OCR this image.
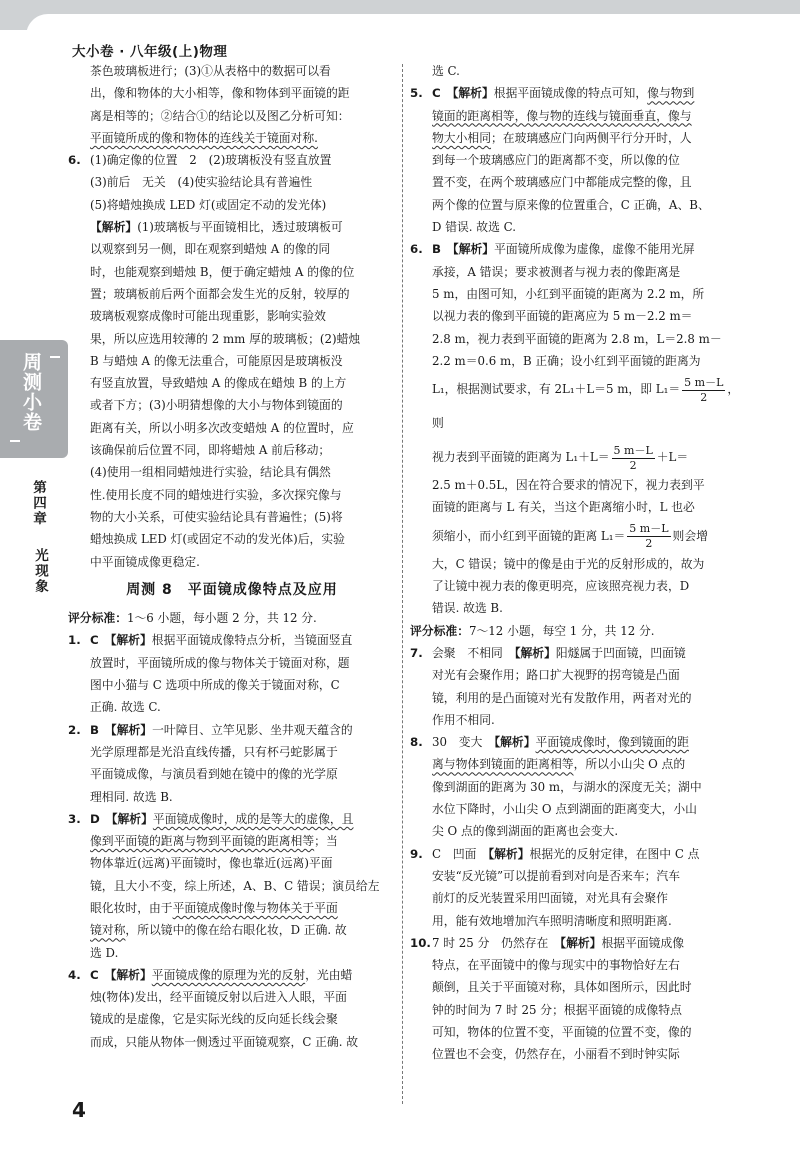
大小卷 · 八年级(上)物理
周测小卷
第四章
光现象
茶色玻璃板进行；(3)①从表格中的数据可以看
出，像和物体的大小相等，像和物体到平面镜的距
离是相等的；②结合①的结论以及图乙分析可知：
平面镜所成的像和物体的连线关于镜面对称.
6. (1)确定像的位置　2　(2)玻璃板没有竖直放置
(3)前后　无关　(4)使实验结论具有普遍性
(5)将蜡烛换成 LED 灯(或固定不动的发光体)
【解析】(1)玻璃板与平面镜相比，透过玻璃板可
以观察到另一侧，即在观察到蜡烛 A 的像的同
时，也能观察到蜡烛 B，便于确定蜡烛 A 的像的位
置；玻璃板前后两个面都会发生光的反射，较厚的
玻璃板观察成像时可能出现重影，影响实验效
果，所以应选用较薄的 2 mm 厚的玻璃板；(2)蜡烛
B 与蜡烛 A 的像无法重合，可能原因是玻璃板没
有竖直放置，导致蜡烛 A 的像成在蜡烛 B 的上方
或者下方；(3)小明猜想像的大小与物体到镜面的
距离有关，所以小明多次改变蜡烛 A 的位置时，应
该确保前后位置不同，即将蜡烛 A 前后移动；
(4)使用一组相同蜡烛进行实验，结论具有偶然
性.使用长度不同的蜡烛进行实验，多次探究像与
物的大小关系，可使实验结论具有普遍性；(5)将
蜡烛换成 LED 灯(或固定不动的发光体)后，实验
中平面镜成像更稳定.
周测 8　平面镜成像特点及应用
评分标准：1～6 小题，每小题 2 分，共 12 分.
1. C　 【解析】根据平面镜成像特点分析，当镜面竖直
放置时，平面镜所成的像与物体关于镜面对称，题
图中小猫与 C 选项中所成的像关于镜面对称，C
正确. 故选 C.
2. B　 【解析】一叶障目、立竿见影、坐井观天蕴含的
光学原理都是光沿直线传播，只有杯弓蛇影属于
平面镜成像，与演员看到她在镜中的像的光学原
理相同. 故选 B.
3. D　 【解析】平面镜成像时，成的是等大的虚像，且
像到平面镜的距离与物到平面镜的距离相等；当
物体靠近(远离)平面镜时，像也靠近(远离)平面
镜，且大小不变，综上所述，A、B、C 错误；演员给左
眼化妆时，由于平面镜成像时像与物体关于平面
镜对称，所以镜中的像在给右眼化妆，D 正确. 故
选 D.
4. C　 【解析】平面镜成像的原理为光的反射，光由蜡
烛(物体)发出，经平面镜反射以后进入人眼，平面
镜成的是虚像，它是实际光线的反向延长线会聚
而成，只能从物体一侧透过平面镜观察，C 正确. 故
选 C.
5. C　 【解析】根据平面镜成像的特点可知，像与物到
镜面的距离相等，像与物的连线与镜面垂直，像与
物大小相同；在玻璃感应门向两侧平行分开时，人
到每一个玻璃感应门的距离都不变，所以像的位
置不变，在两个玻璃感应门中都能成完整的像，且
两个像的位置与原来像的位置重合，C 正确，A、B、
D 错误. 故选 C.
6. B　 【解析】平面镜所成像为虚像，虚像不能用光屏
承接，A 错误；要求被测者与视力表的像距离是
5 m，由图可知，小红到平面镜的距离为 2.2 m，所
以视力表的像到平面镜的距离应为 5 m－2.2 m＝
2.8 m，视力表到平面镜的距离为 2.8 m，L＝2.8 m－
2.2 m＝0.6 m，B 正确；设小红到平面镜的距离为
L₁，根据测试要求，有 2L₁＋L＝5 m，即 $L_1= \frac{5 m-L}{2}$ ，则
视力表到平面镜的距离为 $L_1+L= \frac{5 m-L}{2} +L=$
2.5 m＋0.5L，因在符合要求的情况下，视力表到平
面镜的距离与 L 有关，当这个距离缩小时，L 也必
须缩小，而小红到平面镜的距离 $L_1= \frac{5 m-L}{2}$ 则会增
大，C 错误；镜中的像是由于光的反射形成的，故为
了让镜中视力表的像更明亮，应该照亮视力表，D
错误. 故选 B.
评分标准：7～12 小题，每空 1 分，共 12 分.
7. 会聚　不相同　 【解析】阳燧属于凹面镜，凹面镜
对光有会聚作用；路口扩大视野的拐弯镜是凸面
镜，利用的是凸面镜对光有发散作用，两者对光的
作用不相同.
8. 30　变大　 【解析】平面镜成像时，像到镜面的距
离与物体到镜面的距离相等，所以小山尖 O 点的
像到湖面的距离为 30 m，与湖水的深度无关；湖中
水位下降时，小山尖 O 点到湖面的距离变大，小山
尖 O 点的像到湖面的距离也会变大.
9. C　凹面　 【解析】根据光的反射定律，在图中 C 点
安装“反光镜”可以提前看到对向是否来车；汽车
前灯的反光装置采用凹面镜，对光具有会聚作
用，能有效地增加汽车照明清晰度和照明距离.
10.7 时 25 分　仍然存在　 【解析】根据平面镜成像
特点，在平面镜中的像与现实中的事物恰好左右
颠倒，且关于平面镜对称，具体如图所示，因此时
钟的时间为 7 时 25 分；根据平面镜的成像特点
可知，物体的位置不变，平面镜的位置不变，像的
位置也不会变，仍然存在，小丽看不到时钟实际
4
